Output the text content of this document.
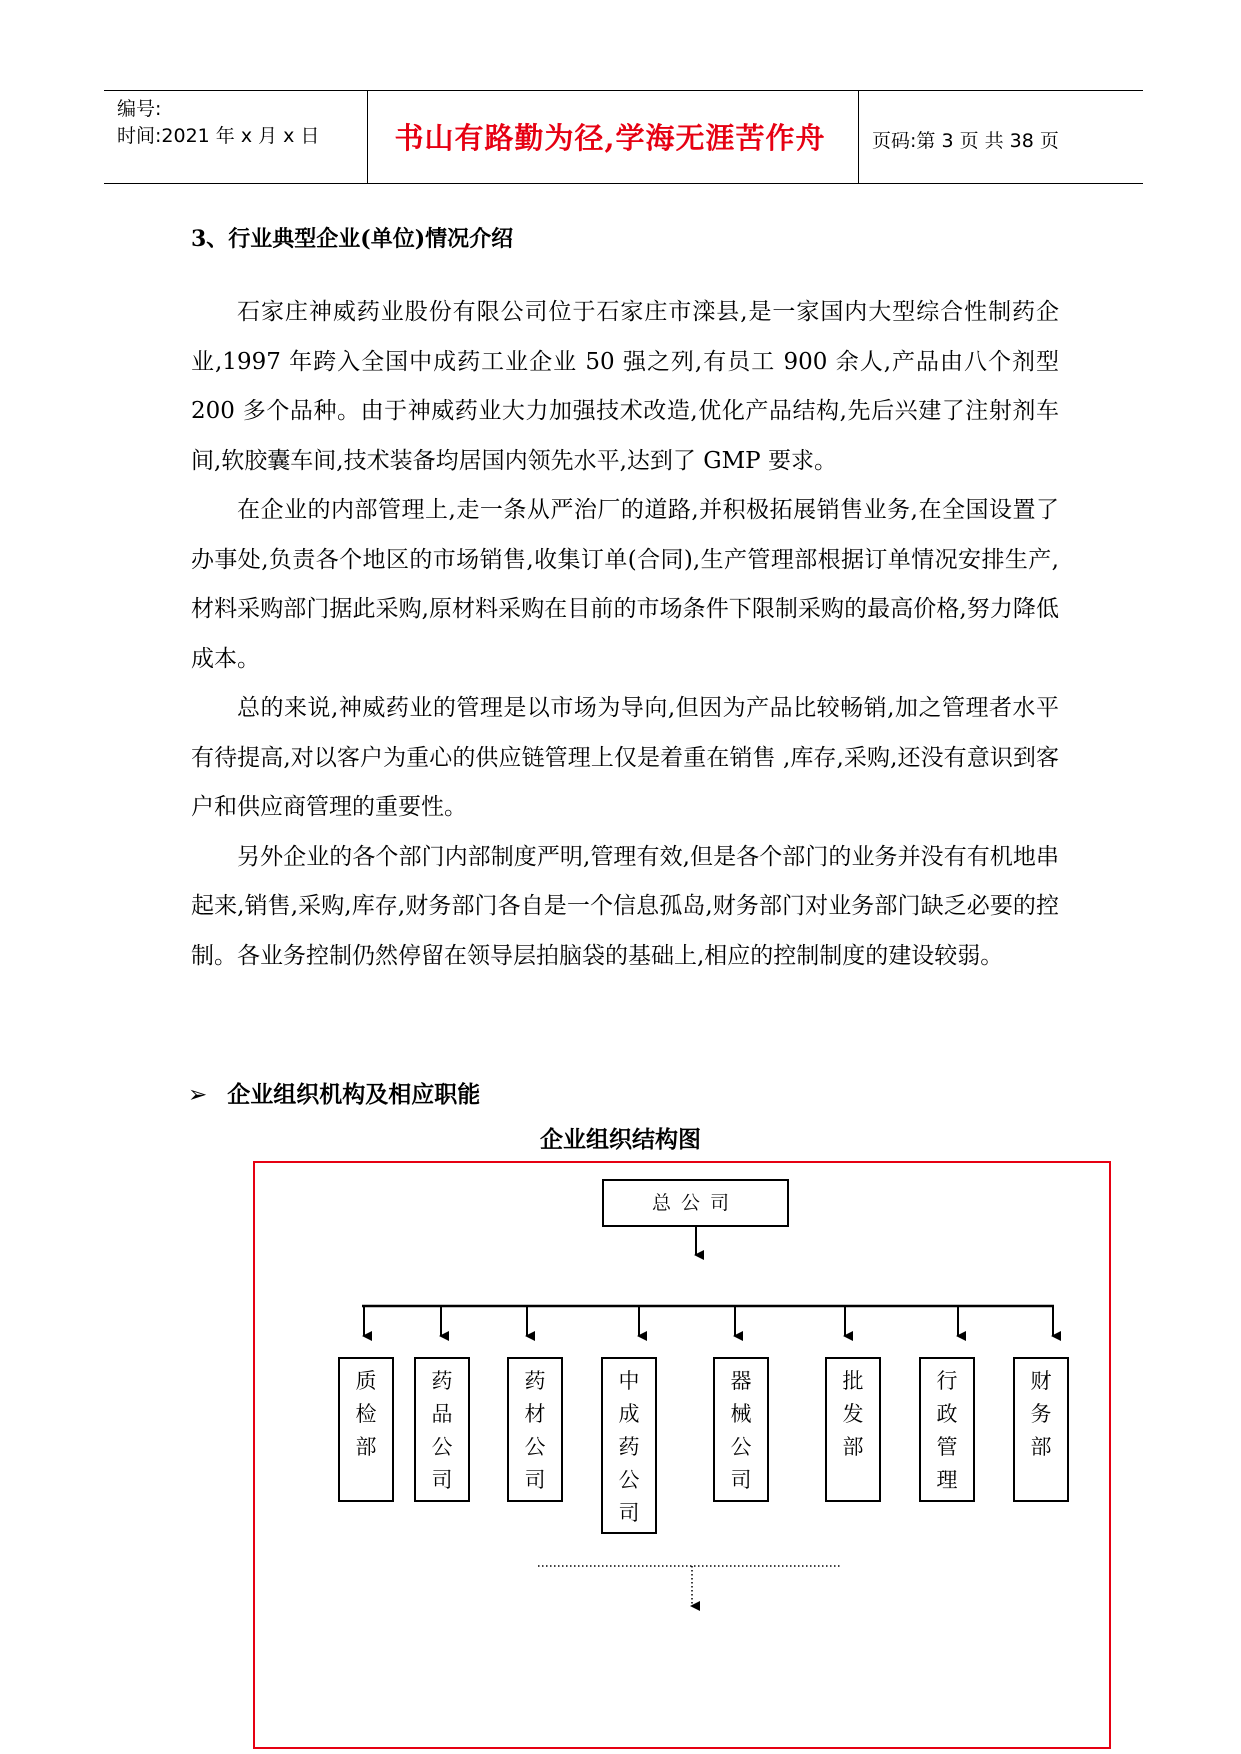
编号:
时间:2021 年 x 月 x 日	书山有路勤为径,学海无涯苦作舟	页码:第 3 页 共 38 页
3、行业典型企业(单位)情况介绍

石家庄神威药业股份有限公司位于石家庄市滦县,是一家国内大型综合性制药企业,1997 年跨入全国中成药工业企业 50 强之列,有员工 900 余人,产品由八个剂型 200 多个品种。由于神威药业大力加强技术改造,优化产品结构,先后兴建了注射剂车间,软胶囊车间,技术装备均居国内领先水平,达到了 GMP 要求。

在企业的内部管理上,走一条从严治厂的道路,并积极拓展销售业务,在全国设置了办事处,负责各个地区的市场销售,收集订单(合同),生产管理部根据订单情况安排生产,材料采购部门据此采购,原材料采购在目前的市场条件下限制采购的最高价格,努力降低成本。

总的来说,神威药业的管理是以市场为导向,但因为产品比较畅销,加之管理者水平有待提高,对以客户为重心的供应链管理上仅是着重在销售 ,库存,采购,还没有意识到客户和供应商管理的重要性。

另外企业的各个部门内部制度严明,管理有效,但是各个部门的业务并没有有机地串起来,销售,采购,库存,财务部门各自是一个信息孤岛,财务部门对业务部门缺乏必要的控制。各业务控制仍然停留在领导层拍脑袋的基础上,相应的控制制度的建设较弱。

➢ 企业组织机构及相应职能
企业组织结构图
总公司
质
检
部
药
品
公
司
药
材
公
司
中
成
药
公
司
器
械
公
司
批
发
部
行
政
管
理
财
务
部
